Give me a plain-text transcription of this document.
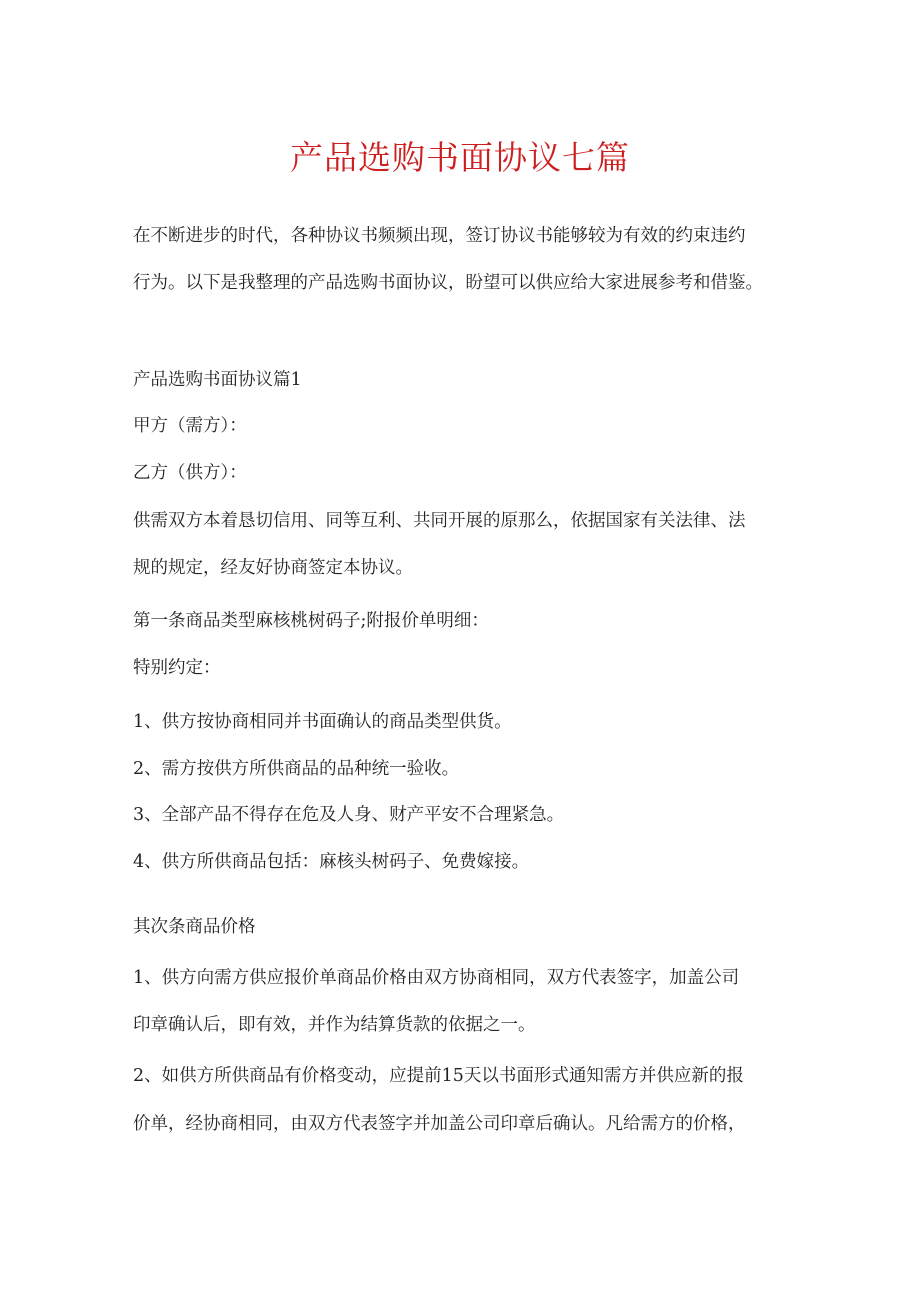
产品选购书面协议七篇

在不断进步的时代，各种协议书频频出现，签订协议书能够较为有效的约束违约

行为。以下是我整理的产品选购书面协议，盼望可以供应给大家进展参考和借鉴。

产品选购书面协议篇1

甲方（需方）：

乙方（供方）：

供需双方本着恳切信用、同等互利、共同开展的原那么，依据国家有关法律、法

规的规定，经友好协商签定本协议。

第一条商品类型麻核桃树码子;附报价单明细：

特别约定：

1、供方按协商相同并书面确认的商品类型供货。

2、需方按供方所供商品的品种统一验收。

3、全部产品不得存在危及人身、财产平安不合理紧急。

4、供方所供商品包括：麻核头树码子、免费嫁接。

其次条商品价格

1、供方向需方供应报价单商品价格由双方协商相同，双方代表签字，加盖公司

印章确认后，即有效，并作为结算货款的依据之一。

2、如供方所供商品有价格变动，应提前15天以书面形式通知需方并供应新的报

价单，经协商相同，由双方代表签字并加盖公司印章后确认。凡给需方的价格，
